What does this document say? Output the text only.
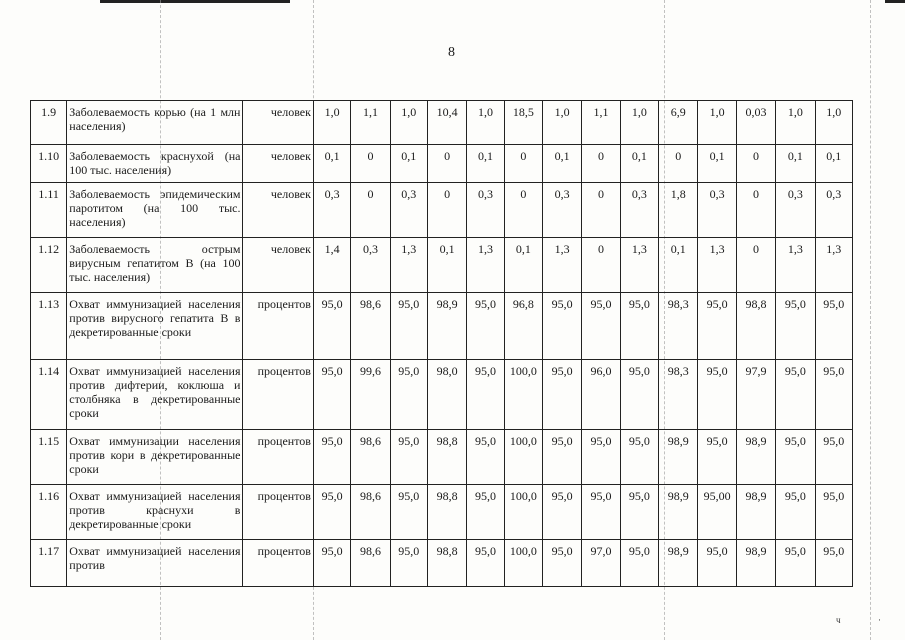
8
1.9	Заболеваемость корью (на 1 млн населения)	человек	1,0	1,1	1,0	10,4	1,0	18,5	1,0	1,1	1,0	6,9	1,0	0,03	1,0	1,0
1.10	Заболеваемость краснухой (на 100 тыс. населения)	человек	0,1	0	0,1	0	0,1	0	0,1	0	0,1	0	0,1	0	0,1	0,1
1.11	Заболеваемость эпидемическим паротитом (на 100 тыс. населения)	человек	0,3	0	0,3	0	0,3	0	0,3	0	0,3	1,8	0,3	0	0,3	0,3
1.12	Заболеваемость острым вирусным гепатитом В (на 100 тыс. населения)	человек	1,4	0,3	1,3	0,1	1,3	0,1	1,3	0	1,3	0,1	1,3	0	1,3	1,3
1.13	Охват иммунизацией населения против вирусного гепатита В в декретированные сроки	процентов	95,0	98,6	95,0	98,9	95,0	96,8	95,0	95,0	95,0	98,3	95,0	98,8	95,0	95,0
1.14	Охват иммунизацией населения против дифтерии, коклюша и столбняка в декретированные сроки	процентов	95,0	99,6	95,0	98,0	95,0	100,0	95,0	96,0	95,0	98,3	95,0	97,9	95,0	95,0
1.15	Охват иммунизации населения против кори в декретированные сроки	процентов	95,0	98,6	95,0	98,8	95,0	100,0	95,0	95,0	95,0	98,9	95,0	98,9	95,0	95,0
1.16	Охват иммунизацией населения против краснухи в декретированные сроки	процентов	95,0	98,6	95,0	98,8	95,0	100,0	95,0	95,0	95,0	98,9	95,00	98,9	95,0	95,0
1.17	Охват иммунизацией населения против	процентов	95,0	98,6	95,0	98,8	95,0	100,0	95,0	97,0	95,0	98,9	95,0	98,9	95,0	95,0
ч	·
